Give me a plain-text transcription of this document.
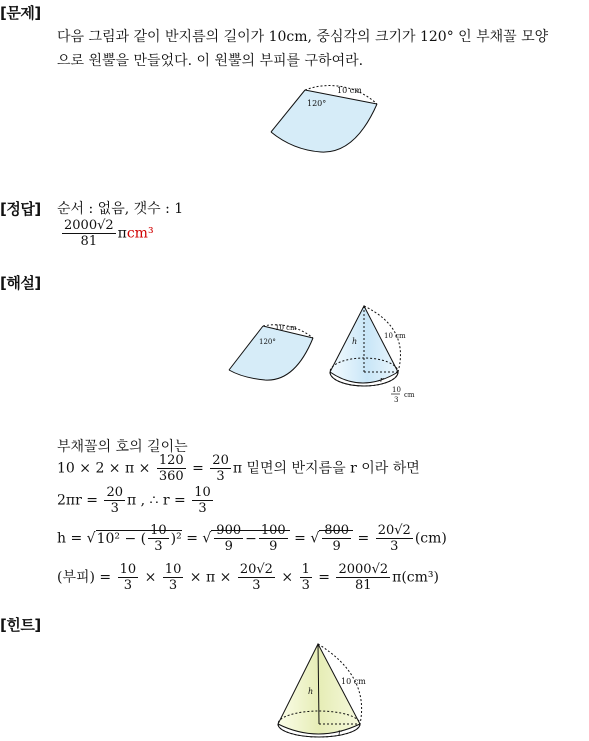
[문제]
다음 그림과 같이 반지름의 길이가 10cm, 중심각의 크기가 120° 인 부채꼴 모양
으로 원뿔을 만들었다. 이 원뿔의 부피를 구하여라.
10 cm
120°
[정답] 순서 : 없음, 갯수 : 1
$\frac{2000√2}{81} \pi cm^3$
[해설]
10 cm
120°	h
r
10 cm
10
3
cm
부채꼴의 호의 길이는
$10 \times 2 \times \pi \times \frac{120}{360} = \frac{20}{3}$ π 밑면의 반지름을 r 이라 하면
$2\pi r = \frac{20}{3}$ π , ∴ $r = \frac{10}{3}$
h = √10² − ( $\frac{10}{3} )^2$ = √ $\frac{900}{9} - \frac{100}{9}$ = √ $\frac{800}{9} = \frac{20√2}{3} (cm)$
(부피) = $\frac{10}{3} \times \frac{10}{3} \times \pi \times \frac{20√2}{3} \times \frac{1}{3} = \frac{2000√2}{81} \pi(cm^3)$
[힌트]
h
r
10 cm
